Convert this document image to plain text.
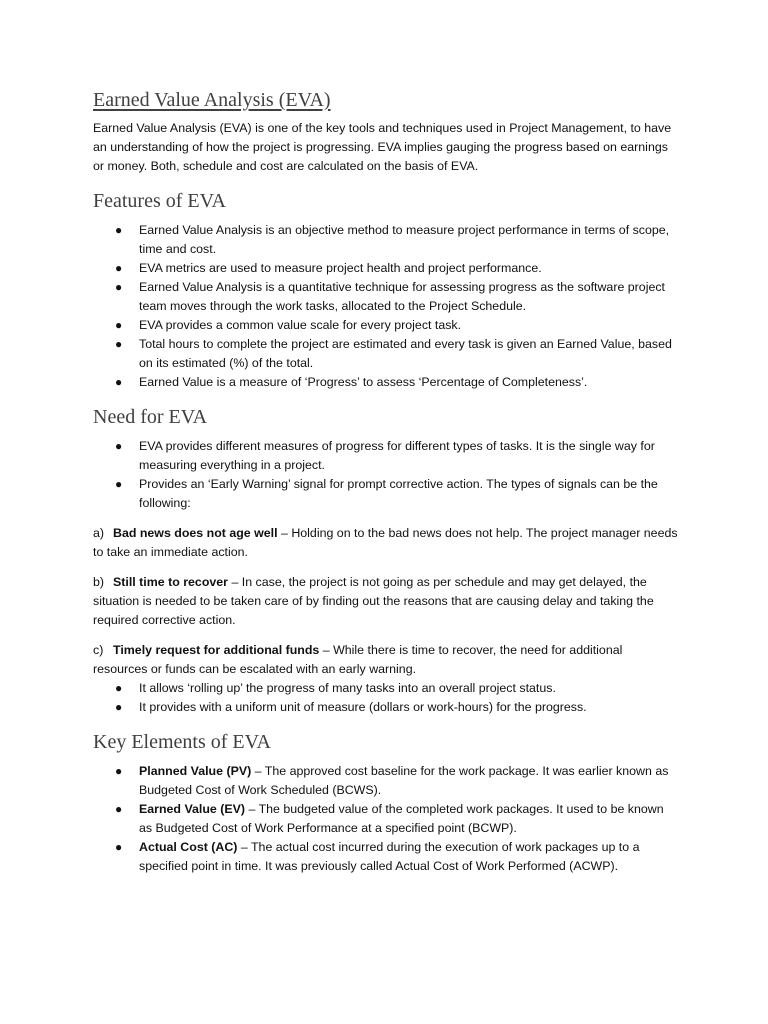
Earned Value Analysis (EVA)

Earned Value Analysis (EVA) is one of the key tools and techniques used in Project Management, to have an understanding of how the project is progressing. EVA implies gauging the progress based on earnings or money. Both, schedule and cost are calculated on the basis of EVA.

Features of EVA
● Earned Value Analysis is an objective method to measure project performance in terms of scope, time and cost.
● EVA metrics are used to measure project health and project performance.
● Earned Value Analysis is a quantitative technique for assessing progress as the software project team moves through the work tasks, allocated to the Project Schedule.
● EVA provides a common value scale for every project task.
● Total hours to complete the project are estimated and every task is given an Earned Value, based on its estimated (%) of the total.
● Earned Value is a measure of ‘Progress’ to assess ‘Percentage of Completeness’.
Need for EVA
● EVA provides different measures of progress for different types of tasks. It is the single way for measuring everything in a project.
● Provides an ‘Early Warning’ signal for prompt corrective action. The types of signals can be the following:
a) Bad news does not age well – Holding on to the bad news does not help. The project manager needs to take an immediate action.
b) Still time to recover – In case, the project is not going as per schedule and may get delayed, the situation is needed to be taken care of by finding out the reasons that are causing delay and taking the required corrective action.
c) Timely request for additional funds – While there is time to recover, the need for additional resources or funds can be escalated with an early warning.
● It allows ‘rolling up’ the progress of many tasks into an overall project status.
● It provides with a uniform unit of measure (dollars or work-hours) for the progress.
Key Elements of EVA
● Planned Value (PV) – The approved cost baseline for the work package. It was earlier known as Budgeted Cost of Work Scheduled (BCWS).
● Earned Value (EV) – The budgeted value of the completed work packages. It used to be known as Budgeted Cost of Work Performance at a specified point (BCWP).
● Actual Cost (AC) – The actual cost incurred during the execution of work packages up to a specified point in time. It was previously called Actual Cost of Work Performed (ACWP).
